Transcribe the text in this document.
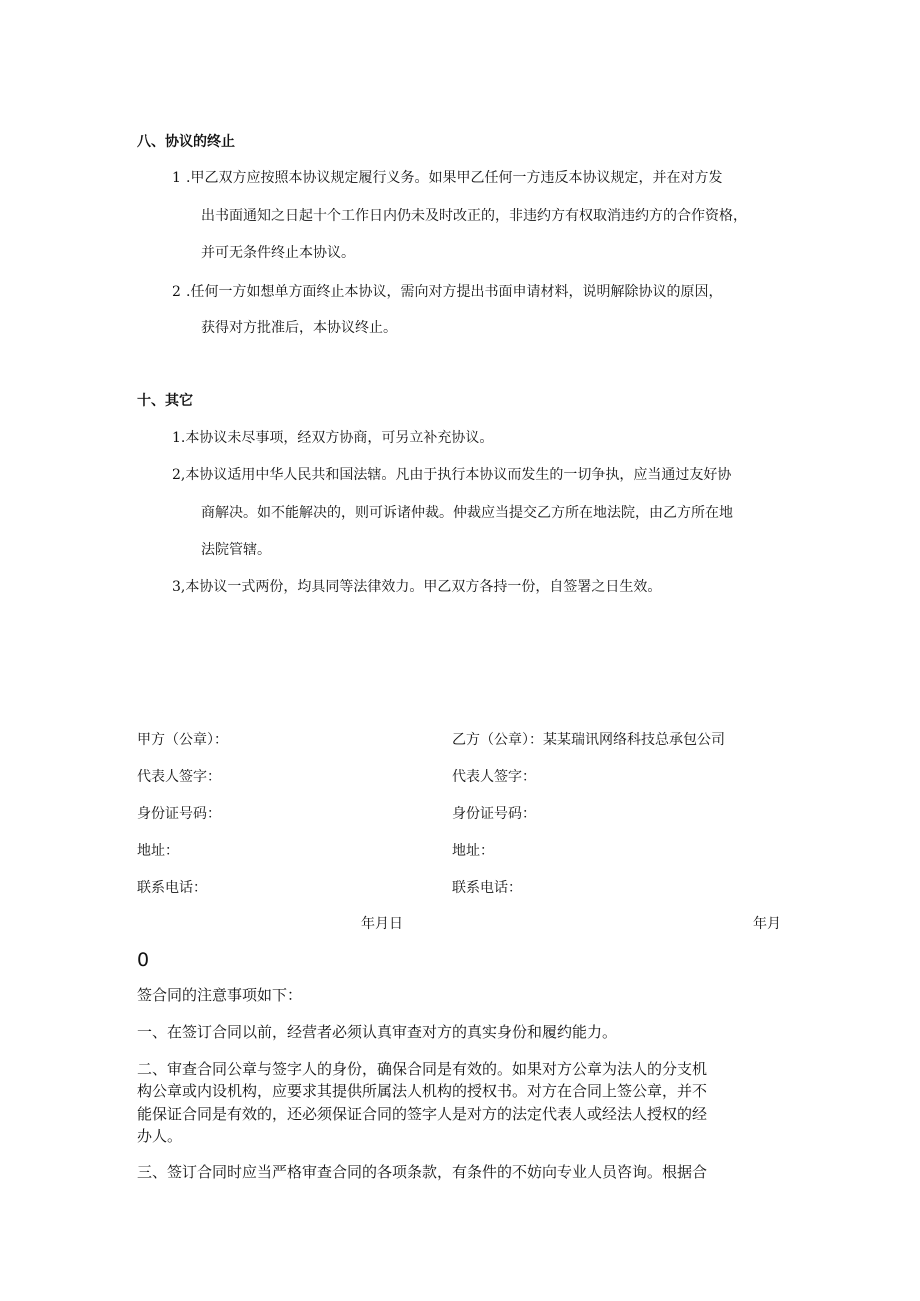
八、协议的终止
1 .甲乙双方应按照本协议规定履行义务。如果甲乙任何一方违反本协议规定，并在对方发
出书面通知之日起十个工作日内仍未及时改正的，非违约方有权取消违约方的合作资格，
并可无条件终止本协议。
2 .任何一方如想单方面终止本协议，需向对方提出书面申请材料，说明解除协议的原因，
获得对方批准后，本协议终止。
十、其它
1.本协议未尽事项，经双方协商，可另立补充协议。
2,本协议适用中华人民共和国法辖。凡由于执行本协议而发生的一切争执，应当通过友好协
商解决。如不能解决的，则可诉诸仲裁。仲裁应当提交乙方所在地法院，由乙方所在地
法院管辖。
3,本协议一式两份，均具同等法律效力。甲乙双方各持一份，自签署之日生效。
甲方（公章）：
代表人签字：
身份证号码：
地址：
联系电话：
乙方（公章）：某某瑞讯网络科技总承包公司
代表人签字：
身份证号码：
地址：
联系电话：
年月日	年月
0
签合同的注意事项如下：
一、在签订合同以前，经营者必须认真审查对方的真实身份和履约能力。
二、审查合同公章与签字人的身份，确保合同是有效的。如果对方公章为法人的分支机
构公章或内设机构，应要求其提供所属法人机构的授权书。对方在合同上签公章，并不
能保证合同是有效的，还必须保证合同的签字人是对方的法定代表人或经法人授权的经
办人。
三、签订合同时应当严格审查合同的各项条款，有条件的不妨向专业人员咨询。根据合
